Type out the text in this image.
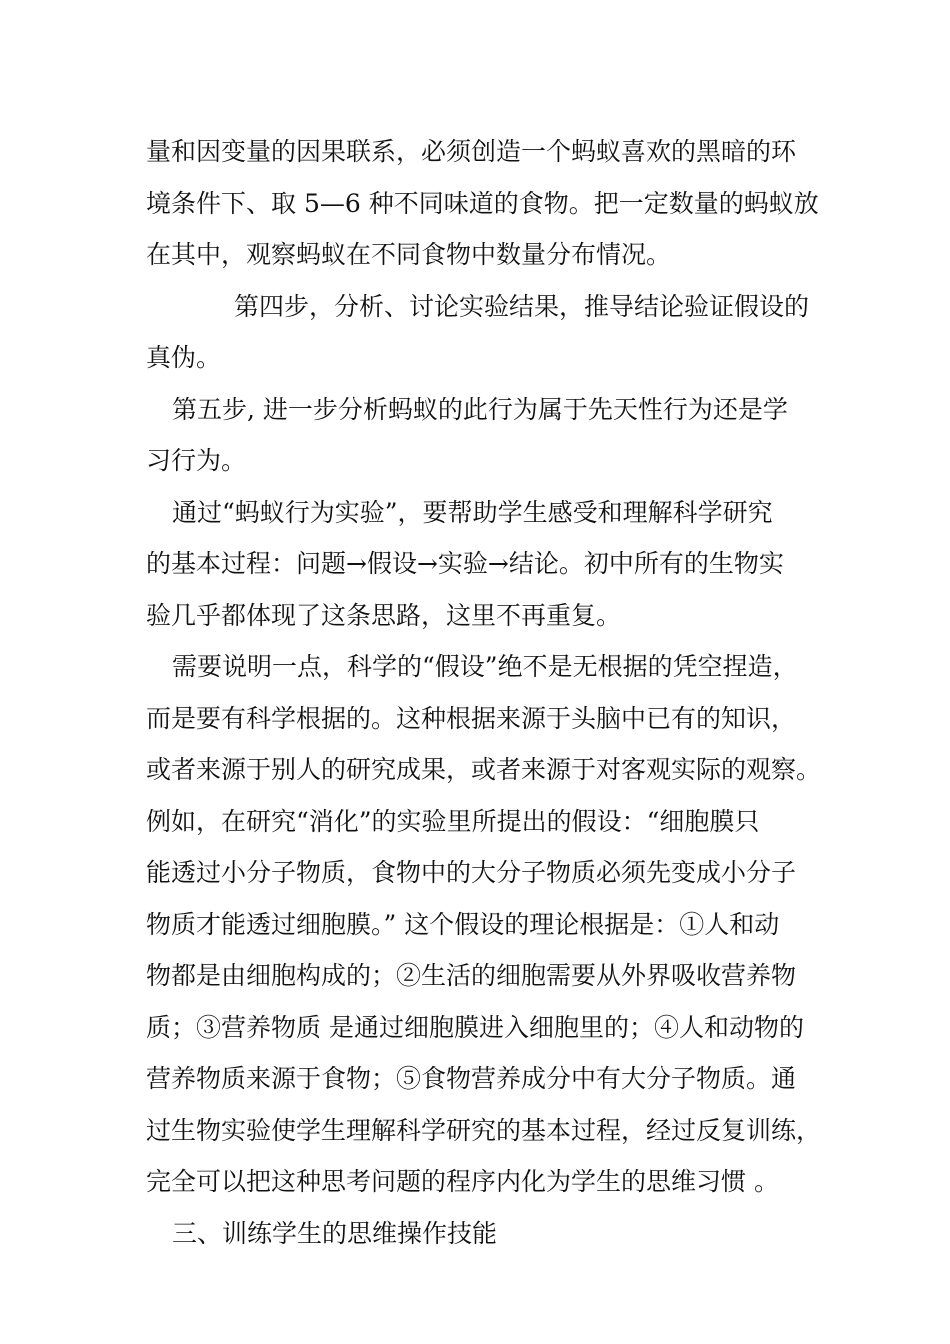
量和因变量的因果联系，必须创造一个蚂蚁喜欢的黑暗的环
境条件下、取 5—6 种不同味道的食物。把一定数量的蚂蚁放
在其中，观察蚂蚁在不同食物中数量分布情况。
第四步，分析、讨论实验结果，推导结论验证假设的
真伪。
第五步, 进一步分析蚂蚁的此行为属于先天性行为还是学
习行为。
通过“蚂蚁行为实验”，要帮助学生感受和理解科学研究
的基本过程：问题→假设→实验→结论。初中所有的生物实
验几乎都体现了这条思路，这里不再重复。
需要说明一点，科学的“假设”绝不是无根据的凭空捏造，
而是要有科学根据的。这种根据来源于头脑中已有的知识，
或者来源于别人的研究成果，或者来源于对客观实际的观察。
例如，在研究“消化”的实验里所提出的假设：“细胞膜只
能透过小分子物质，食物中的大分子物质必须先变成小分子
物质才能透过细胞膜。” 这个假设的理论根据是：①人和动
物都是由细胞构成的；②生活的细胞需要从外界吸收营养物
质；③营养物质 是通过细胞膜进入细胞里的；④人和动物的
营养物质来源于食物；⑤食物营养成分中有大分子物质。通
过生物实验使学生理解科学研究的基本过程，经过反复训练，
完全可以把这种思考问题的程序内化为学生的思维习惯 。
三、训练学生的思维操作技能
